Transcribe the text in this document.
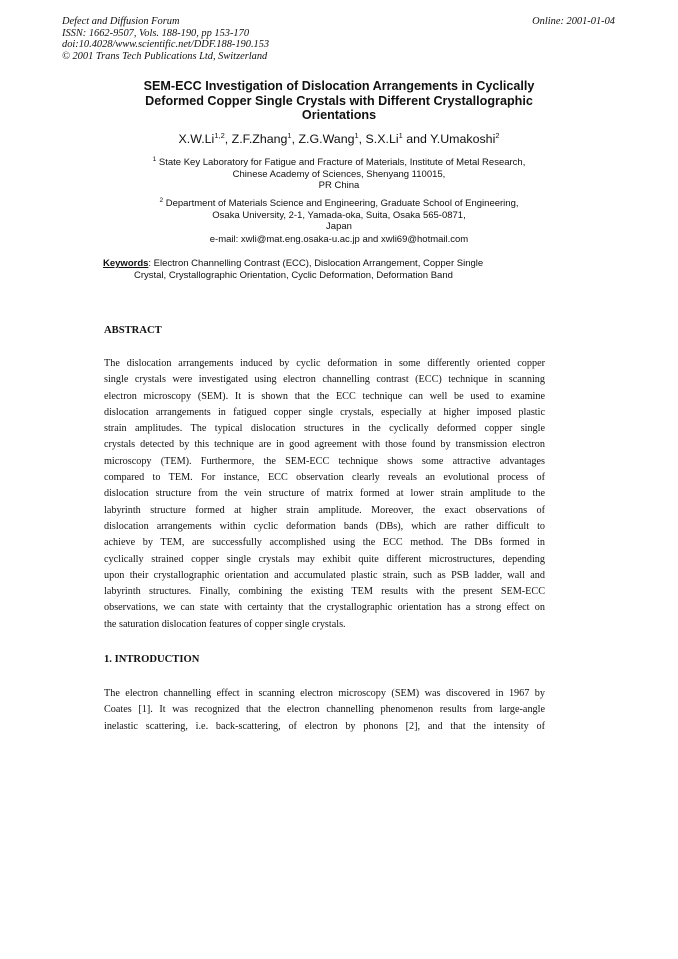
Defect and Diffusion Forum
ISSN: 1662-9507, Vols. 188-190, pp 153-170
doi:10.4028/www.scientific.net/DDF.188-190.153
© 2001 Trans Tech Publications Ltd, Switzerland
Online: 2001-01-04
SEM-ECC Investigation of Dislocation Arrangements in Cyclically
Deformed Copper Single Crystals with Different Crystallographic
Orientations
X.W.Li$^{1,2}$, Z.F.Zhang$^1$, Z.G.Wang$^1$, S.X.Li$^1$ and Y.Umakoshi$^2$
$^1$ State Key Laboratory for Fatigue and Fracture of Materials, Institute of Metal Research,
Chinese Academy of Sciences, Shenyang 110015,
PR China
$^2$ Department of Materials Science and Engineering, Graduate School of Engineering,
Osaka University, 2-1, Yamada-oka, Suita, Osaka 565-0871,
Japan
e-mail: xwli@mat.eng.osaka-u.ac.jp and xwli69@hotmail.com
Keywords: Electron Channelling Contrast (ECC), Dislocation Arrangement, Copper Single
Crystal, Crystallographic Orientation, Cyclic Deformation, Deformation Band
ABSTRACT
The dislocation arrangements induced by cyclic deformation in some differently oriented copper
single crystals were investigated using electron channelling contrast (ECC) technique in scanning
electron microscopy (SEM). It is shown that the ECC technique can well be used to examine
dislocation arrangements in fatigued copper single crystals, especially at higher imposed plastic
strain amplitudes. The typical dislocation structures in the cyclically deformed copper single
crystals detected by this technique are in good agreement with those found by transmission electron
microscopy (TEM). Furthermore, the SEM-ECC technique shows some attractive advantages
compared to TEM. For instance, ECC observation clearly reveals an evolutional process of
dislocation structure from the vein structure of matrix formed at lower strain amplitude to the
labyrinth structure formed at higher strain amplitude. Moreover, the exact observations of
dislocation arrangements within cyclic deformation bands (DBs), which are rather difficult to
achieve by TEM, are successfully accomplished using the ECC method. The DBs formed in
cyclically strained copper single crystals may exhibit quite different microstructures, depending
upon their crystallographic orientation and accumulated plastic strain, such as PSB ladder, wall and
labyrinth structures. Finally, combining the existing TEM results with the present SEM-ECC
observations, we can state with certainty that the crystallographic orientation has a strong effect on
the saturation dislocation features of copper single crystals.
1. INTRODUCTION
The electron channelling effect in scanning electron microscopy (SEM) was discovered in 1967 by
Coates [1]. It was recognized that the electron channelling phenomenon results from large-angle
inelastic scattering, i.e. back-scattering, of electron by phonons [2], and that the intensity of
